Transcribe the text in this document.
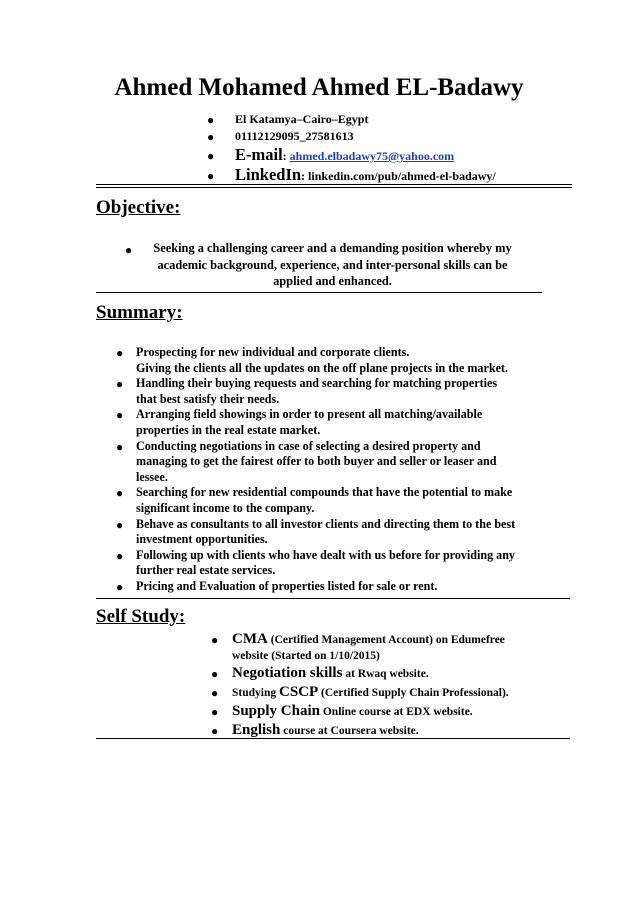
Ahmed Mohamed Ahmed EL-Badawy
● El Katamya–Cairo–Egypt
● 01112129095_27581613
● E-mail: ahmed.elbadawy75@yahoo.com
● LinkedIn: linkedin.com/pub/ahmed-el-badawy/
Objective:
●	Seeking a challenging career and a demanding position whereby my
academic background, experience, and inter-personal skills can be
applied and enhanced.
Summary:
● Prospecting for new individual and corporate clients.
Giving the clients all the updates on the off plane projects in the market.
● Handling their buying requests and searching for matching properties
that best satisfy their needs.
● Arranging field showings in order to present all matching/available
properties in the real estate market.
● Conducting negotiations in case of selecting a desired property and
managing to get the fairest offer to both buyer and seller or leaser and
lessee.
● Searching for new residential compounds that have the potential to make
significant income to the company.
● Behave as consultants to all investor clients and directing them to the best
investment opportunities.
● Following up with clients who have dealt with us before for providing any
further real estate services.
● Pricing and Evaluation of properties listed for sale or rent.
Self Study:
● CMA (Certified Management Account) on Edumefree
website (Started on 1/10/2015)
● Negotiation skills at Rwaq website.
● Studying CSCP (Certified Supply Chain Professional).
● Supply Chain Online course at EDX website.
● English course at Coursera website.
